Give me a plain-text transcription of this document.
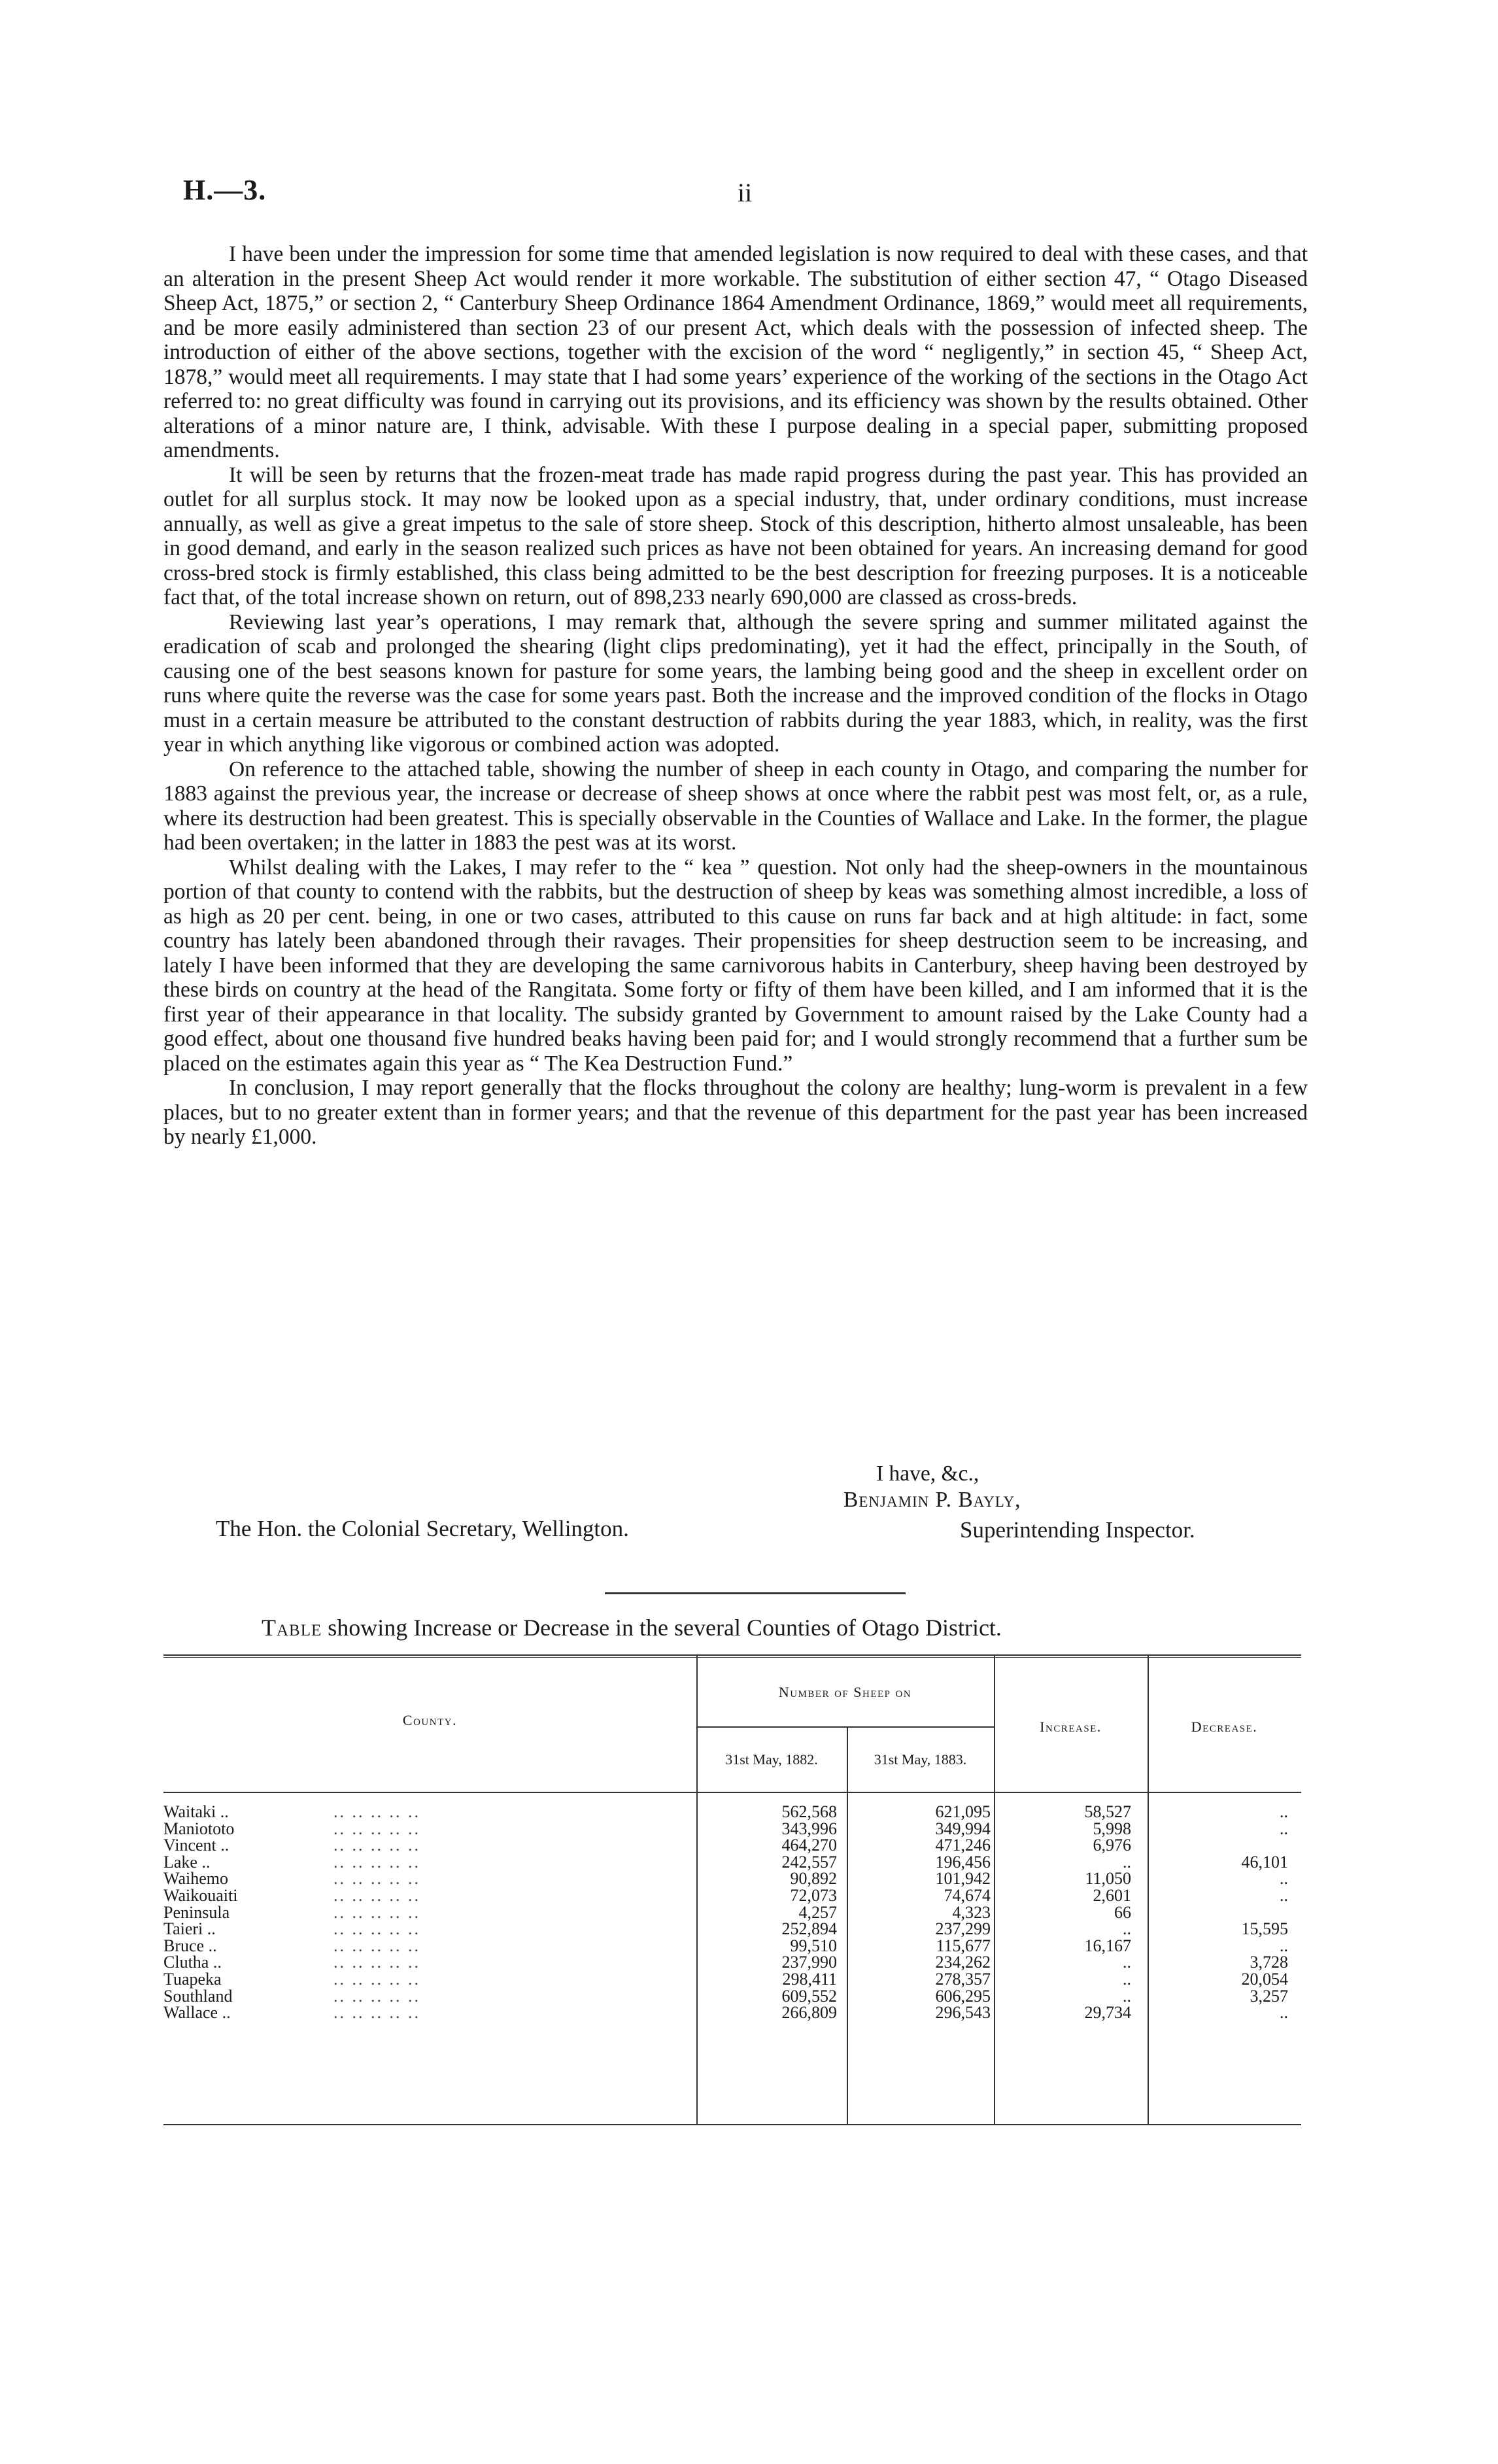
H.—3.	ii

I have been under the impression for some time that amended legislation is now required to deal with these cases, and that an alteration in the present Sheep Act would render it more workable. The substitution of either section 47, “ Otago Diseased Sheep Act, 1875,” or section 2, “ Canterbury Sheep Ordinance 1864 Amendment Ordinance, 1869,” would meet all requirements, and be more easily administered than section 23 of our present Act, which deals with the possession of infected sheep. The introduction of either of the above sections, together with the excision of the word “ negligently,” in section 45, “ Sheep Act, 1878,” would meet all requirements. I may state that I had some years’ experience of the working of the sections in the Otago Act referred to: no great difficulty was found in carrying out its provisions, and its efficiency was shown by the results obtained. Other alterations of a minor nature are, I think, advisable. With these I purpose dealing in a special paper, submitting proposed amendments.

It will be seen by returns that the frozen-meat trade has made rapid progress during the past year. This has provided an outlet for all surplus stock. It may now be looked upon as a special industry, that, under ordinary conditions, must increase annually, as well as give a great impetus to the sale of store sheep. Stock of this description, hitherto almost unsaleable, has been in good demand, and early in the season realized such prices as have not been obtained for years. An increasing demand for good cross-bred stock is firmly established, this class being admitted to be the best description for freezing purposes. It is a noticeable fact that, of the total increase shown on return, out of 898,233 nearly 690,000 are classed as cross-breds.

Reviewing last year’s operations, I may remark that, although the severe spring and summer militated against the eradication of scab and prolonged the shearing (light clips predominating), yet it had the effect, principally in the South, of causing one of the best seasons known for pasture for some years, the lambing being good and the sheep in excellent order on runs where quite the reverse was the case for some years past. Both the increase and the improved condition of the flocks in Otago must in a certain measure be attributed to the constant destruction of rabbits during the year 1883, which, in reality, was the first year in which anything like vigorous or combined action was adopted.

On reference to the attached table, showing the number of sheep in each county in Otago, and comparing the number for 1883 against the previous year, the increase or decrease of sheep shows at once where the rabbit pest was most felt, or, as a rule, where its destruction had been greatest. This is specially observable in the Counties of Wallace and Lake. In the former, the plague had been overtaken; in the latter in 1883 the pest was at its worst.

Whilst dealing with the Lakes, I may refer to the “ kea ” question. Not only had the sheep-owners in the mountainous portion of that county to contend with the rabbits, but the destruction of sheep by keas was something almost incredible, a loss of as high as 20 per cent. being, in one or two cases, attributed to this cause on runs far back and at high altitude: in fact, some country has lately been abandoned through their ravages. Their propensities for sheep destruction seem to be increasing, and lately I have been informed that they are developing the same carnivorous habits in Canterbury, sheep having been destroyed by these birds on country at the head of the Rangitata. Some forty or fifty of them have been killed, and I am informed that it is the first year of their appearance in that locality. The subsidy granted by Government to amount raised by the Lake County had a good effect, about one thousand five hundred beaks having been paid for; and I would strongly recommend that a further sum be placed on the estimates again this year as “ The Kea Destruction Fund.”

In conclusion, I may report generally that the flocks throughout the colony are healthy; lung-worm is prevalent in a few places, but to no greater extent than in former years; and that the revenue of this department for the past year has been increased by nearly £1,000.

I have, &c.,
Benjamin P. Bayly,
The Hon. the Colonial Secretary, Wellington.	Superintending Inspector.
Table showing Increase or Decrease in the several Counties of Otago District.
County.
Number of Sheep on
31st May, 1882.	31st May, 1883.
Increase.	Decrease.
Waitaki ..	.. .. .. .. ..	562,568	621,095	58,527	..
Maniototo	.. .. .. .. ..	343,996	349,994	5,998	..
Vincent ..	.. .. .. .. ..	464,270	471,246	6,976
Lake ..	.. .. .. .. ..	242,557	196,456	..	46,101
Waihemo	.. .. .. .. ..	90,892	101,942	11,050	..
Waikouaiti	.. .. .. .. ..	72,073	74,674	2,601	..
Peninsula	.. .. .. .. ..	4,257	4,323	66
Taieri ..	.. .. .. .. ..	252,894	237,299	..	15,595
Bruce ..	.. .. .. .. ..	99,510	115,677	16,167	..
Clutha ..	.. .. .. .. ..	237,990	234,262	..	3,728
Tuapeka	.. .. .. .. ..	298,411	278,357	..	20,054
Southland	.. .. .. .. ..	609,552	606,295	..	3,257
Wallace ..	.. .. .. .. ..	266,809	296,543	29,734	..
